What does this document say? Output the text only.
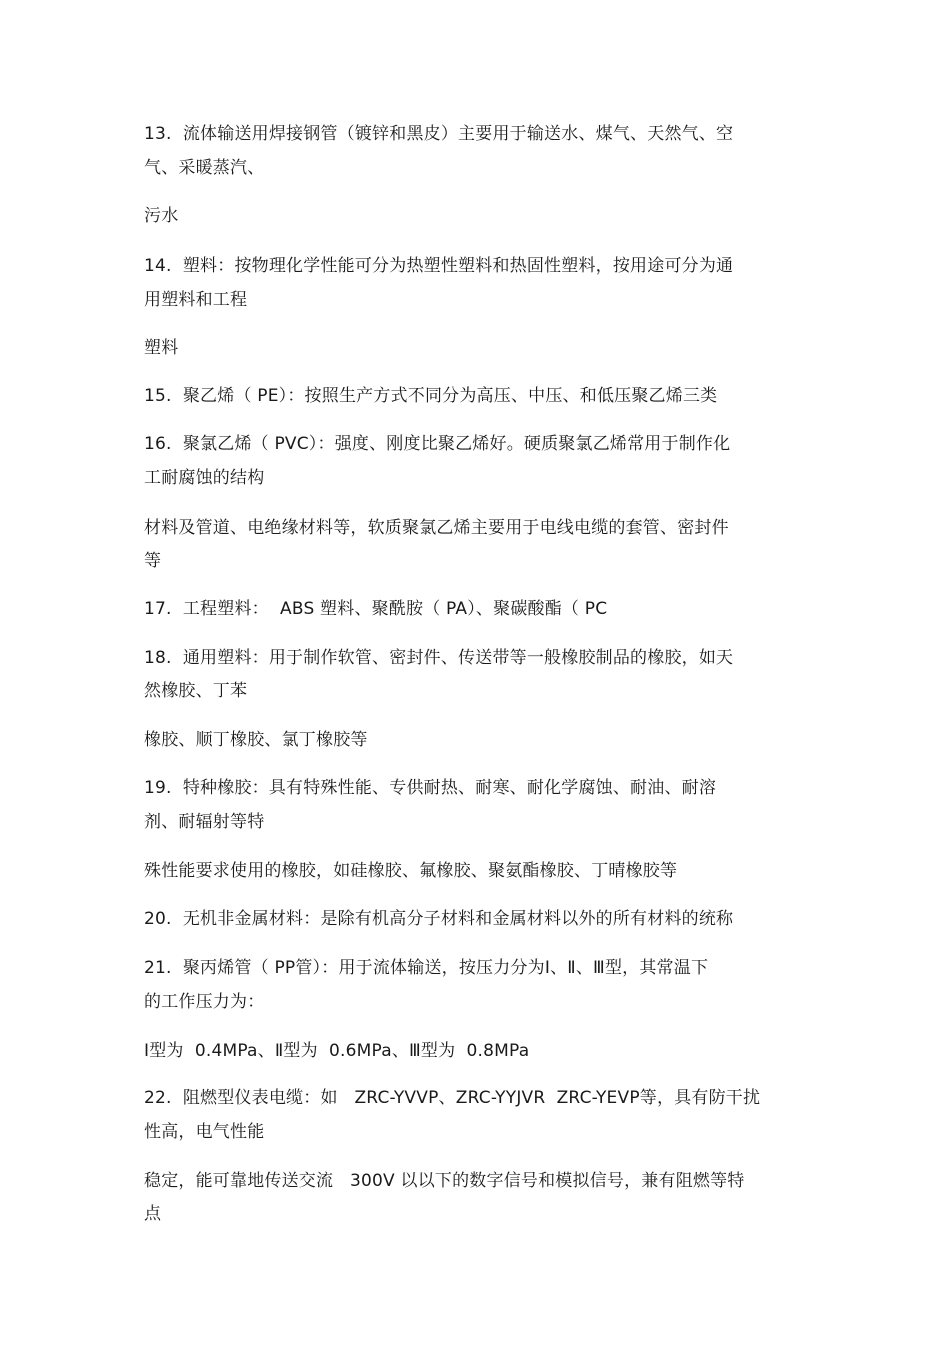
13.  流体输送用焊接钢管（镀锌和黑皮）主要用于输送水、煤气、天然气、空
气、采暖蒸汽、
污水
14.  塑料：按物理化学性能可分为热塑性塑料和热固性塑料，按用途可分为通
用塑料和工程
塑料
15.  聚乙烯（ PE）：按照生产方式不同分为高压、中压、和低压聚乙烯三类
16.  聚氯乙烯（ PVC）：强度、刚度比聚乙烯好。硬质聚氯乙烯常用于制作化
工耐腐蚀的结构
材料及管道、电绝缘材料等，软质聚氯乙烯主要用于电线电缆的套管、密封件
等
17.  工程塑料：  ABS 塑料、聚酰胺（ PA）、聚碳酸酯（ PC
18.  通用塑料：用于制作软管、密封件、传送带等一般橡胶制品的橡胶，如天
然橡胶、丁苯
橡胶、顺丁橡胶、氯丁橡胶等
19.  特种橡胶：具有特殊性能、专供耐热、耐寒、耐化学腐蚀、耐油、耐溶
剂、耐辐射等特
殊性能要求使用的橡胶，如硅橡胶、氟橡胶、聚氨酯橡胶、丁晴橡胶等
20.  无机非金属材料：是除有机高分子材料和金属材料以外的所有材料的统称
21.  聚丙烯管（ PP管）：用于流体输送，按压力分为Ⅰ、Ⅱ、Ⅲ型，其常温下
的工作压力为：
Ⅰ型为  0.4MPa、Ⅱ型为  0.6MPa、Ⅲ型为  0.8MPa
22.  阻燃型仪表电缆：如   ZRC-YVVP、ZRC-YYJVR  ZRC-YEVP等，具有防干扰
性高，电气性能
稳定，能可靠地传送交流   300V 以以下的数字信号和模拟信号，兼有阻燃等特
点
